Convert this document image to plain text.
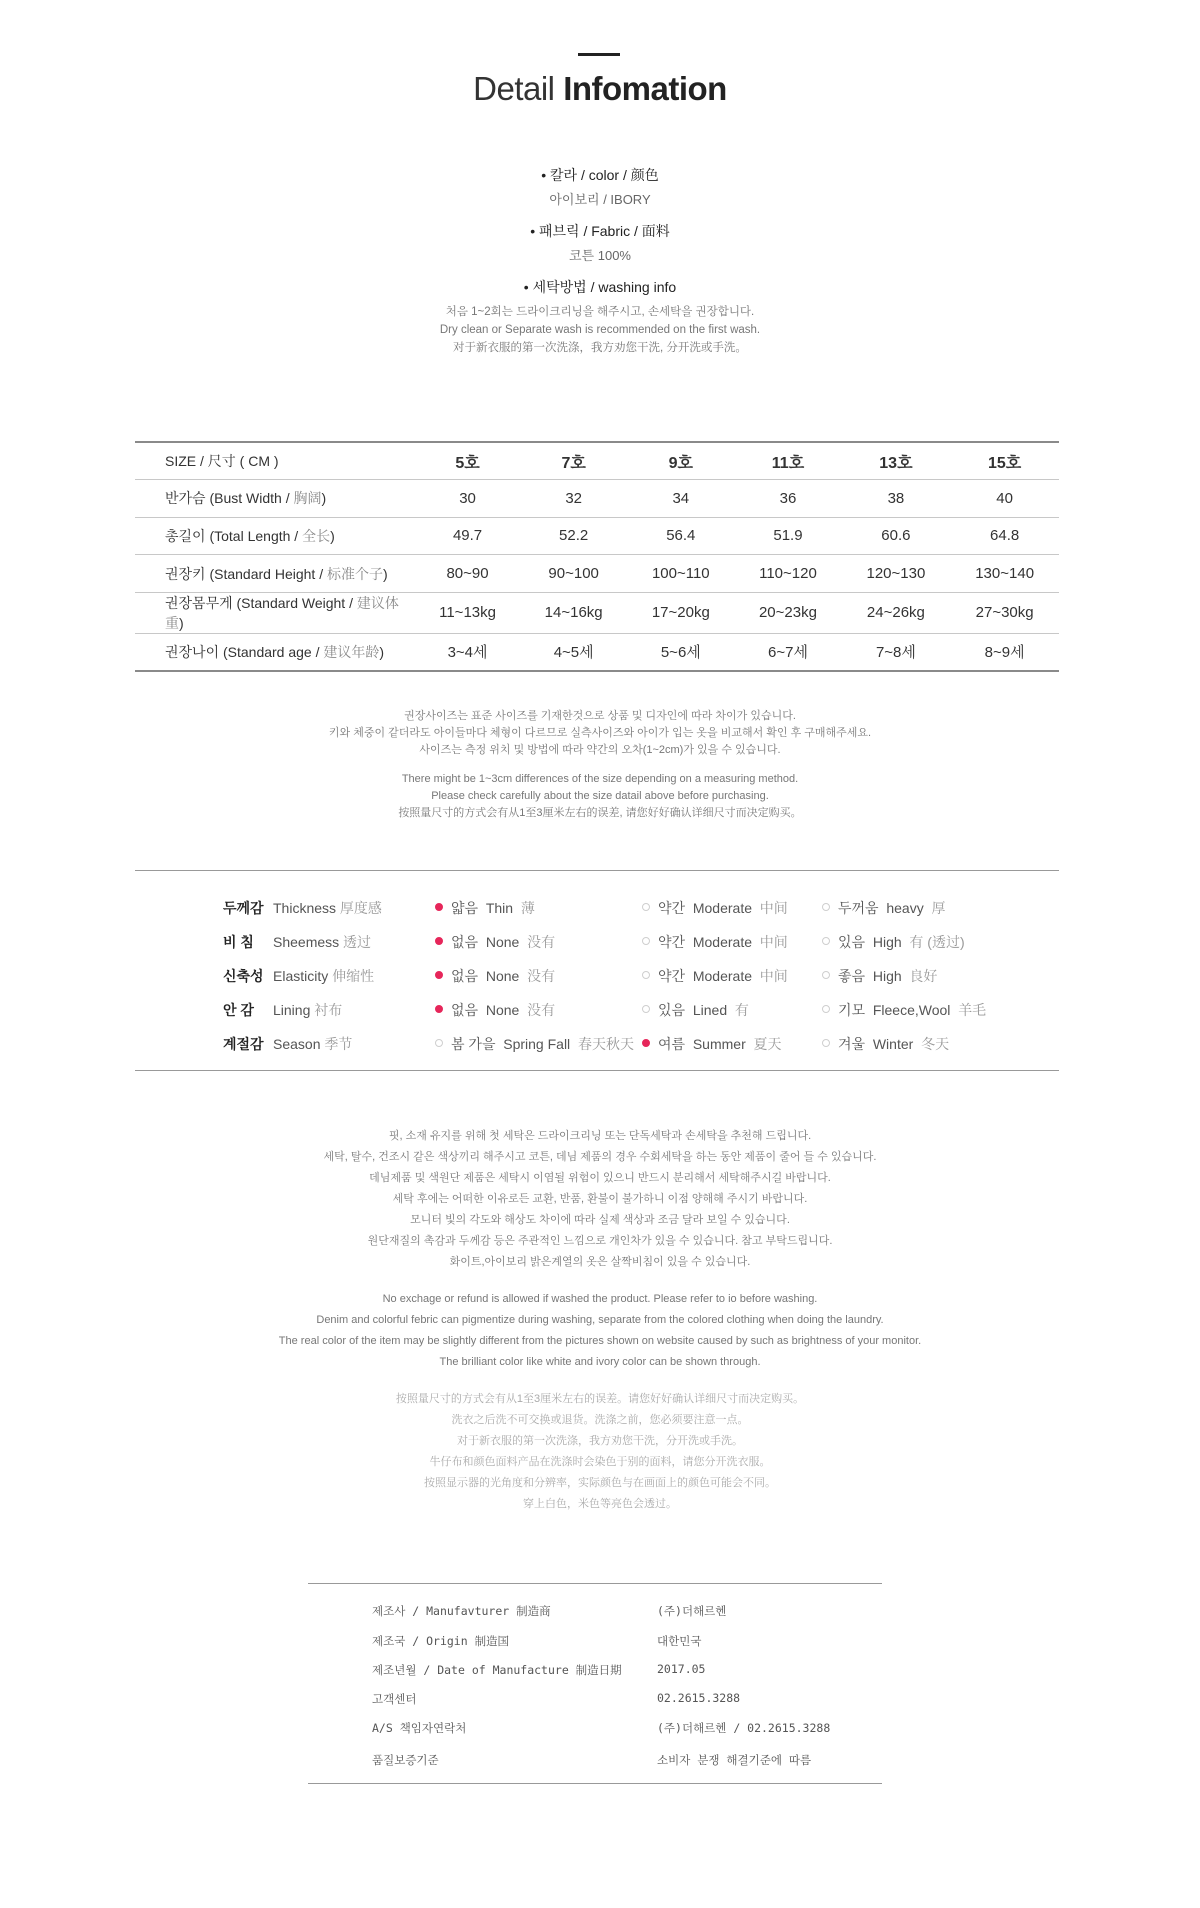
Detail Infomation
• 칼라 / color / 颜色
아이보리 / IBORY
• 패브릭 / Fabric / 面料
코튼 100%
• 세탁방법 / washing info
처음 1~2회는 드라이크리닝을 해주시고, 손세탁을 권장합니다.
Dry clean or Separate wash is recommended on the first wash.
对于新衣服的第一次洗涤，我方劝您干洗, 分开洗或手洗。
SIZE / 尺寸 ( CM )	5호	7호	9호	11호	13호	15호
반가슴 (Bust Width / 胸阔)	30	32	34	36	38	40
총길이 (Total Length / 全长)	49.7	52.2	56.4	51.9	60.6	64.8
권장키 (Standard Height / 标准个子)	80~90	90~100	100~110	110~120	120~130	130~140
권장몸무게 (Standard Weight / 建议体重)	11~13kg	14~16kg	17~20kg	20~23kg	24~26kg	27~30kg
권장나이 (Standard age / 建议年龄)	3~4세	4~5세	5~6세	6~7세	7~8세	8~9세
권장사이즈는 표준 사이즈를 기재한것으로 상품 및 디자인에 따라 차이가 있습니다.
키와 체중이 같더라도 아이들마다 체형이 다르므로 실측사이즈와 아이가 입는 옷을 비교해서 확인 후 구매해주세요.
사이즈는 측정 위치 및 방법에 따라 약간의 오차(1~2cm)가 있을 수 있습니다.
There might be 1~3cm differences of the size depending on a measuring method.
Please check carefully about the size datail above before purchasing.
按照量尺寸的方式会有从1至3厘米左右的误差, 请您好好确认详细尺寸而决定购买。
두께감 Thickness 厚度感	얇음 Thin 薄	약간 Moderate 中间	두꺼움 heavy 厚
비 침	Sheemess 透过	없음 None 没有	약간 Moderate 中间	있음 High 有 (透过)
신축성 Elasticity 伸缩性	없음 None 没有	약간 Moderate 中间	좋음 High 良好
안 감	Lining 衬布	없음 None 没有	있음 Lined 有	기모 Fleece,Wool 羊毛
계절감 Season 季节	봄 가을 Spring Fall 春天秋天	여름 Summer 夏天	겨울 Winter 冬天
핏, 소재 유지를 위해 첫 세탁은 드라이크리닝 또는 단독세탁과 손세탁을 추천해 드립니다.
세탁, 탈수, 건조시 같은 색상끼리 해주시고 코튼, 데님 제품의 경우 수회세탁을 하는 동안 제품이 줄어 들 수 있습니다.
데님제품 및 색원단 제품은 세탁시 이염될 위험이 있으니 반드시 분리해서 세탁해주시길 바랍니다.
세탁 후에는 어떠한 이유로든 교환, 반품, 환불이 불가하니 이점 양해해 주시기 바랍니다.
모니터 빛의 각도와 해상도 차이에 따라 실제 색상과 조금 달라 보일 수 있습니다.
원단재질의 촉감과 두께감 등은 주관적인 느낌으로 개인차가 있을 수 있습니다. 참고 부탁드립니다.
화이트,아이보리 밝은계열의 옷은 살짝비침이 있을 수 있습니다.
No exchage or refund is allowed if washed the product. Please refer to io before washing.
Denim and colorful febric can pigmentize during washing, separate from the colored clothing when doing the laundry.
The real color of the item may be slightly different from the pictures shown on website caused by such as brightness of your monitor.
The brilliant color like white and ivory color can be shown through.
按照量尺寸的方式会有从1至3厘米左右的误差。请您好好确认详细尺寸而决定购买。
洗衣之后洗不可交换或退货。洗涤之前，您必须要注意一点。
对于新衣服的第一次洗涤，我方劝您干洗，分开洗或手洗。
牛仔布和颜色面料产品在洗涤时会染色于别的面料，请您分开洗衣服。
按照显示器的光角度和分辨率，实际颜色与在画面上的颜色可能会不同。
穿上白色，米色等亮色会透过。
제조사 / Manufavturer 制造商	(주)더해르헨
제조국 / Origin 制造国	대한민국
제조년월 / Date of Manufacture 制造日期	2017.05
고객센터	02.2615.3288
A/S 책임자연락처	(주)더해르헨 / 02.2615.3288
품질보증기준	소비자 분쟁 해결기준에 따름
